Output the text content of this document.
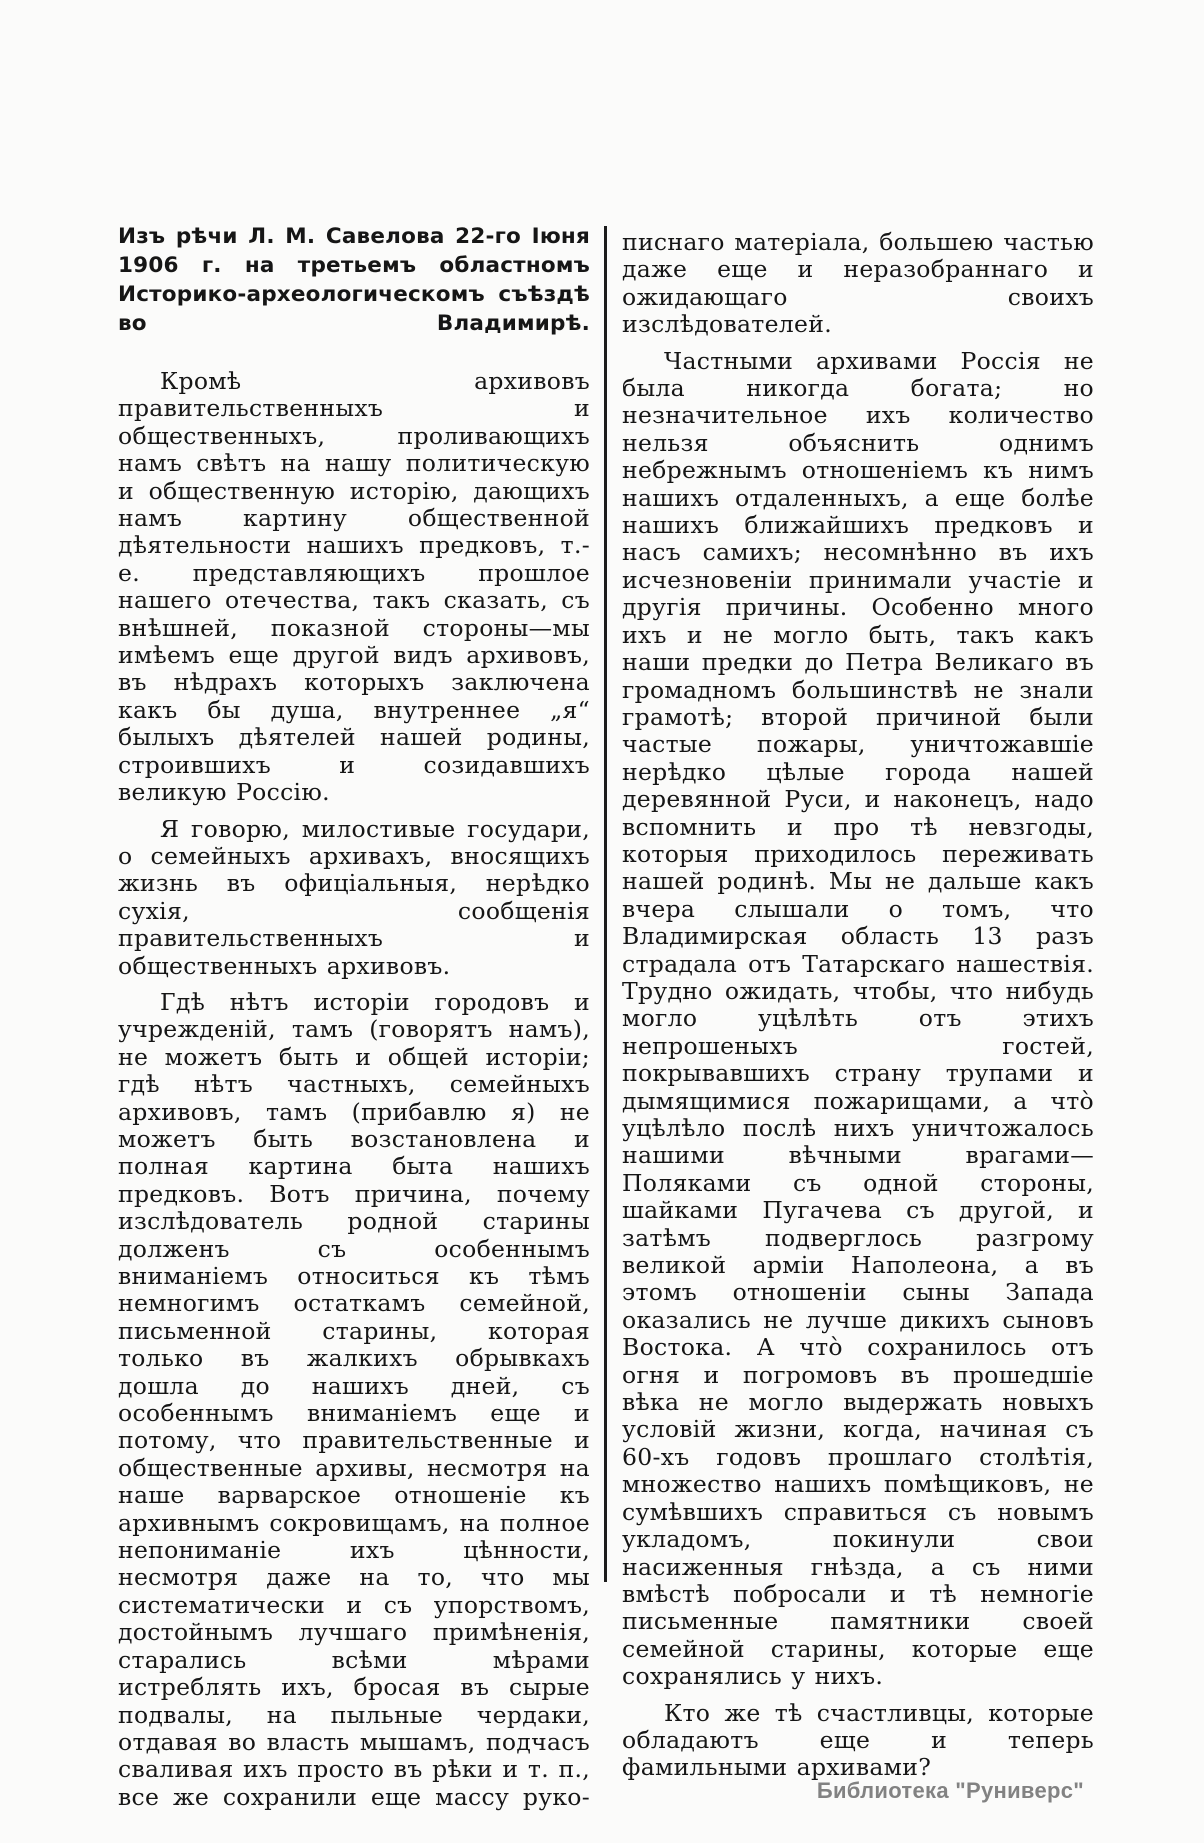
Изъ рѣчи Л. М. Савелова 22-го Іюня 1906 г. на третьемъ областномъ Историко-археологическомъ съѣздѣ во Владимирѣ.

Кромѣ архивовъ правительственныхъ и общественныхъ, проливающихъ намъ свѣтъ на нашу политическую и общественную исторію, дающихъ намъ картину общественной дѣятельности нашихъ предковъ, т.-е. представляющихъ прошлое нашего отечества, такъ сказать, съ внѣшней, показной стороны—мы имѣемъ еще другой видъ архивовъ, въ нѣдрахъ которыхъ заключена какъ бы душа, внутреннее „я“ былыхъ дѣятелей нашей родины, строившихъ и созидавшихъ великую Россію.

Я говорю, милостивые государи, о семейныхъ архивахъ, вносящихъ жизнь въ офиціальныя, нерѣдко сухія, сообщенія правительственныхъ и общественныхъ архивовъ.

Гдѣ нѣтъ исторіи городовъ и учрежденій, тамъ (говорятъ намъ), не можетъ быть и общей исторіи; гдѣ нѣтъ частныхъ, семейныхъ архивовъ, тамъ (прибавлю я) не можетъ быть возстановлена и полная картина быта нашихъ предковъ. Вотъ причина, почему изслѣдователь родной старины долженъ съ особеннымъ вниманіемъ относиться къ тѣмъ немногимъ остаткамъ семейной, письменной старины, которая только въ жалкихъ обрывкахъ дошла до нашихъ дней, съ особеннымъ вниманіемъ еще и потому, что правительственные и общественные архивы, несмотря на наше варварское отношеніе къ архивнымъ сокровищамъ, на полное непониманіе ихъ цѣнности, несмотря даже на то, что мы систематически и съ упорствомъ, достойнымъ лучшаго примѣненія, старались всѣми мѣрами истреблять ихъ, бросая въ сырые подвалы, на пыльные чердаки, отдавая во власть мышамъ, подчасъ сваливая ихъ просто въ рѣки и т. п., все же сохранили еще массу руко-

писнаго матеріала, большею частью даже еще и неразобраннаго и ожидающаго своихъ изслѣдователей.

Частными архивами Россія не была никогда богата; но незначительное ихъ количество нельзя объяснить однимъ небрежнымъ отношеніемъ къ нимъ нашихъ отдаленныхъ, а еще болѣе нашихъ ближайшихъ предковъ и насъ самихъ; несомнѣнно въ ихъ исчезновеніи принимали участіе и другія причины. Особенно много ихъ и не могло быть, такъ какъ наши предки до Петра Великаго въ громадномъ большинствѣ не знали грамотѣ; второй причиной были частые пожары, уничтожавшіе нерѣдко цѣлые города нашей деревянной Руси, и наконецъ, надо вспомнить и про тѣ невзгоды, которыя приходилось переживать нашей родинѣ. Мы не дальше какъ вчера слышали о томъ, что Владимирская область 13 разъ страдала отъ Татарскаго нашествія. Трудно ожидать, чтобы, что нибудь могло уцѣлѣть отъ этихъ непрошеныхъ гостей, покрывавшихъ страну трупами и дымящимися пожарищами, а чтò уцѣлѣло послѣ нихъ уничтожалось нашими вѣчными врагами—Поляками съ одной стороны, шайками Пугачева съ другой, и затѣмъ подверглось разгрому великой арміи Наполеона, а въ этомъ отношеніи сыны Запада оказались не лучше дикихъ сыновъ Востока. А чтò сохранилось отъ огня и погромовъ въ прошедшіе вѣка не могло выдержать новыхъ условій жизни, когда, начиная съ 60-хъ годовъ прошлаго столѣтія, множество нашихъ помѣщиковъ, не сумѣвшихъ справиться съ новымъ укладомъ, покинули свои насиженныя гнѣзда, а съ ними вмѣстѣ побросали и тѣ немногіе письменные памятники своей семейной старины, которые еще сохранялись у нихъ.

Кто же тѣ счастливцы, которые обладаютъ еще и теперь фамильными архивами?

Библиотека "Руниверс"
